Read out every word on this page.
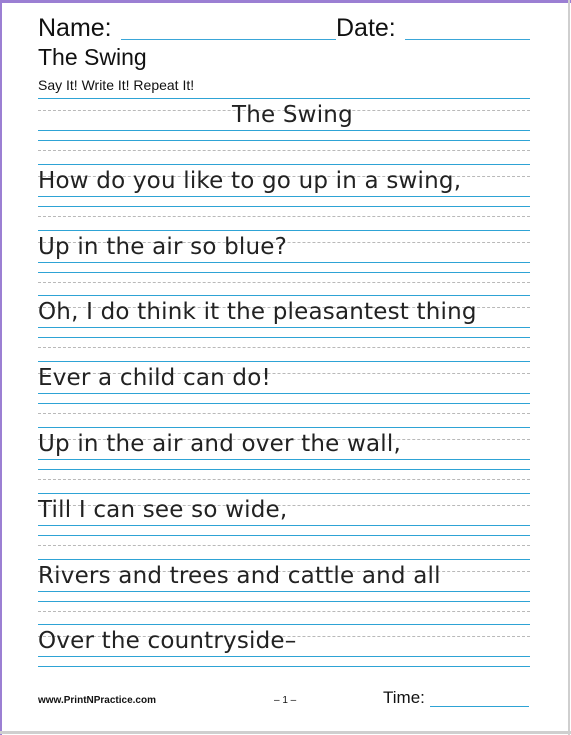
Name:	Date:
The Swing
Say It! Write It! Repeat It!
The Swing
How do you like to go up in a swing,
Up in the air so blue?
Oh, I do think it the pleasantest thing
Ever a child can do!
Up in the air and over the wall,
Till I can see so wide,
Rivers and trees and cattle and all
Over the countryside–
www.PrintNPractice.com	– 1 –	Time:
